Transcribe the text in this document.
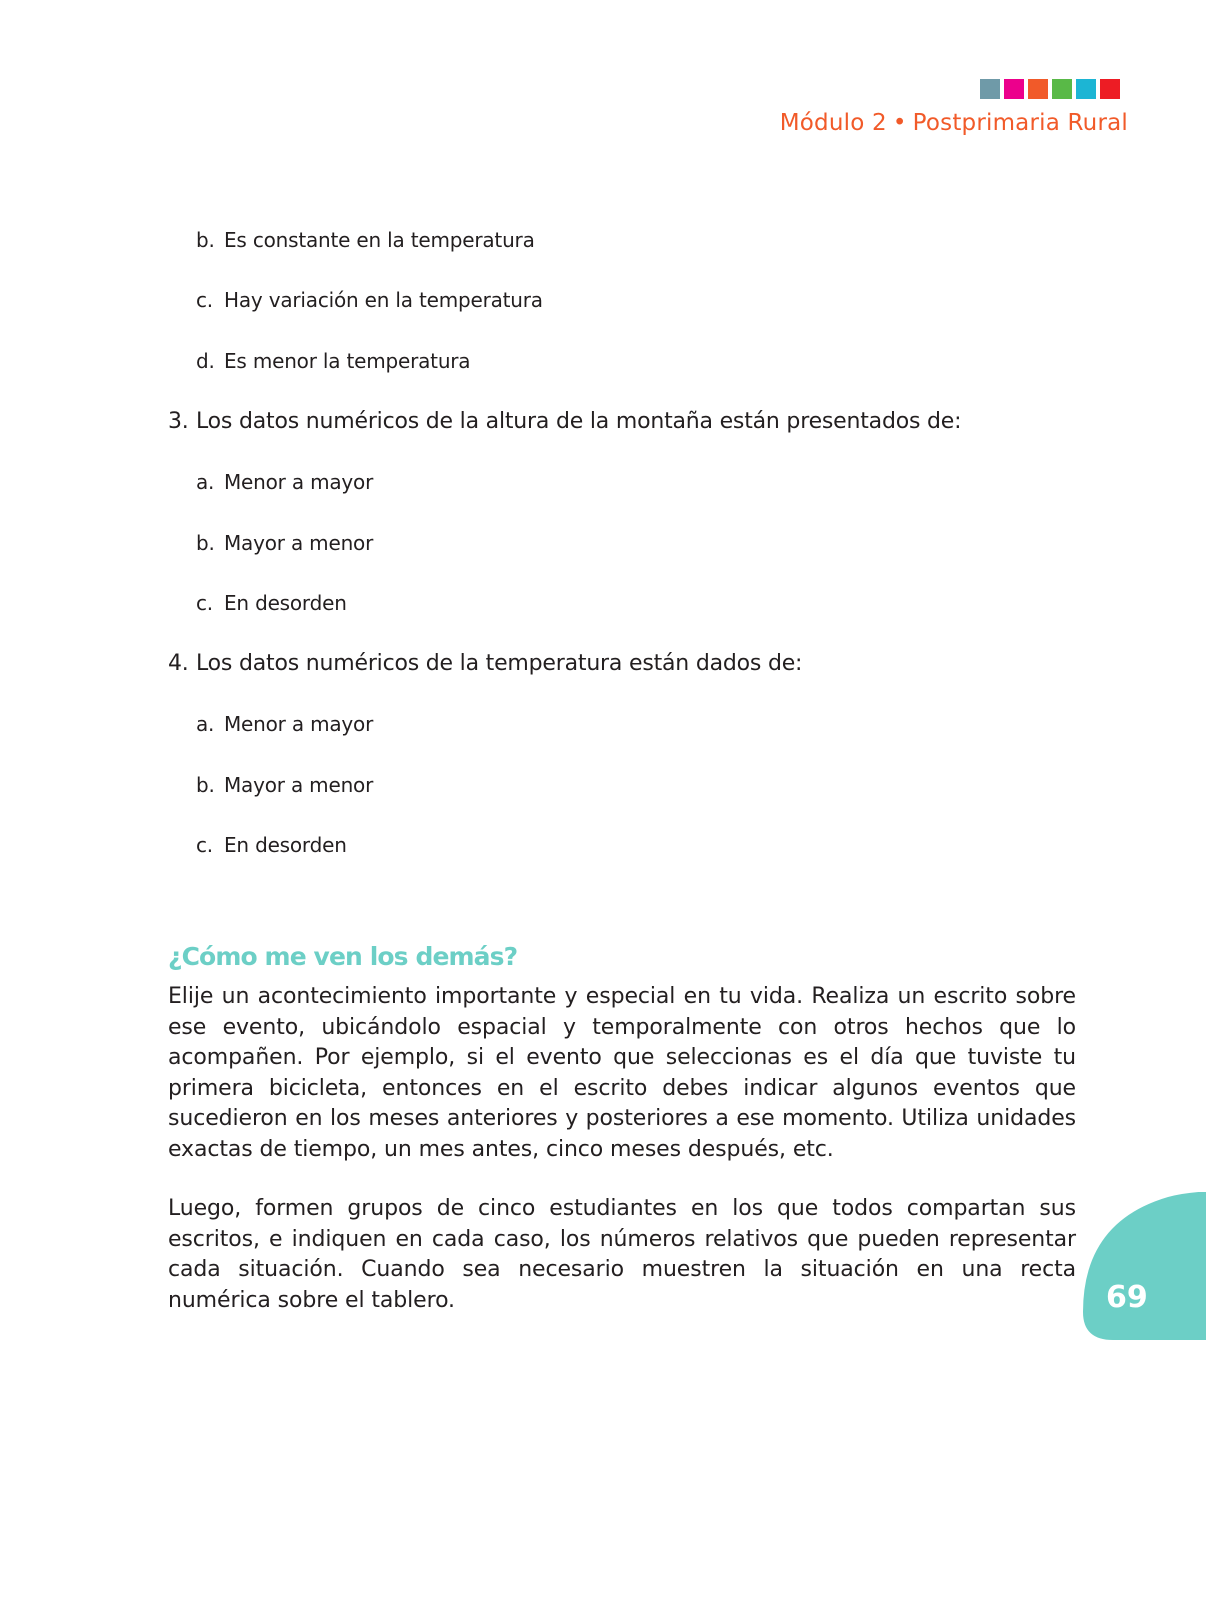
Módulo 2 • Postprimaria Rural
b. Es constante en la temperatura
c. Hay variación en la temperatura
d. Es menor la temperatura
3. Los datos numéricos de la altura de la montaña están presentados de:
a. Menor a mayor
b. Mayor a menor
c. En desorden
4. Los datos numéricos de la temperatura están dados de:
a. Menor a mayor
b. Mayor a menor
c. En desorden
¿Cómo me ven los demás?

Elije un acontecimiento importante y especial en tu vida. Realiza un escrito sobre ese evento, ubicándolo espacial y temporalmente con otros hechos que lo acompañen. Por ejemplo, si el evento que seleccionas es el día que tuviste tu primera bicicleta, entonces en el escrito debes indicar algunos eventos que sucedieron en los meses anteriores y posteriores a ese momento. Utiliza unidades exactas de tiempo, un mes antes, cinco meses después, etc.

Luego, formen grupos de cinco estudiantes en los que todos compartan sus escritos, e indiquen en cada caso, los números relativos que pueden representar cada situación. Cuando sea necesario muestren la situación en una recta numérica sobre el tablero.	69
